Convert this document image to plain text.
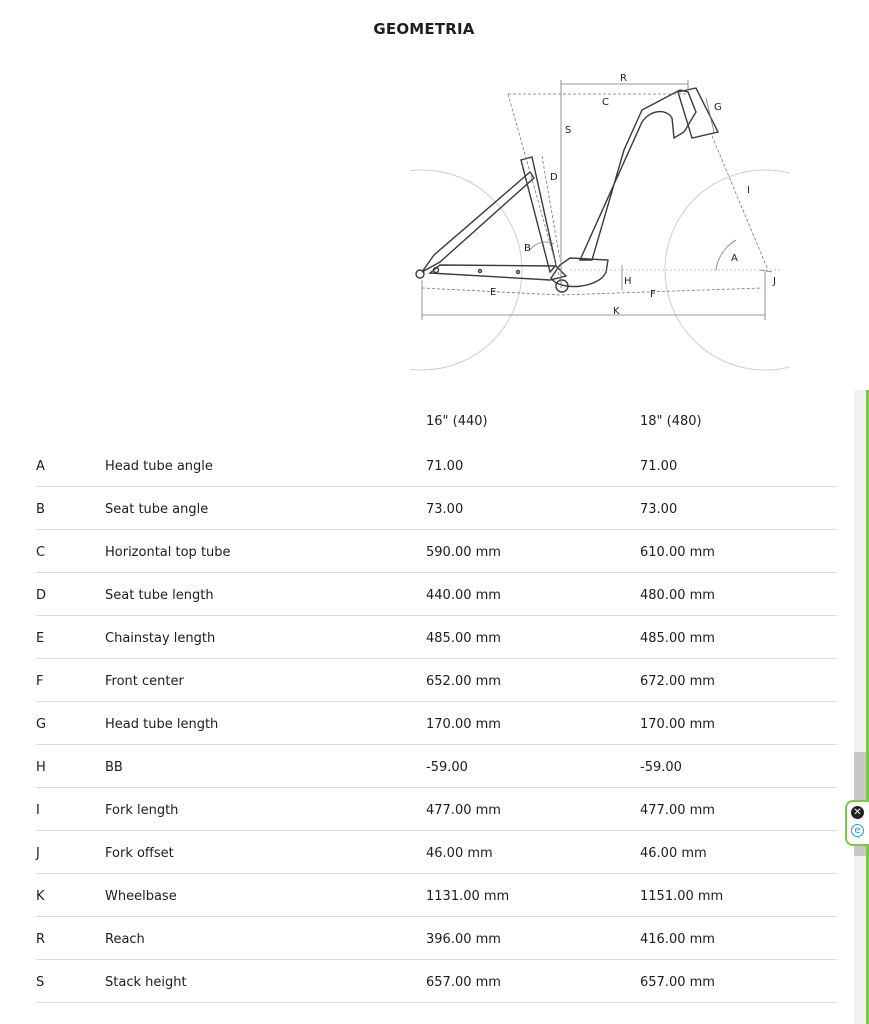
GEOMETRIA
R
C	G
S
D
I
B
A
J
H
E	F
K
16" (440)	18" (480)
A	Head tube angle	71.00	71.00
B	Seat tube angle	73.00	73.00
C	Horizontal top tube	590.00 mm	610.00 mm
D	Seat tube length	440.00 mm	480.00 mm
E	Chainstay length	485.00 mm	485.00 mm
F	Front center	652.00 mm	672.00 mm
G	Head tube length	170.00 mm	170.00 mm
H	BB	-59.00	-59.00
I	Fork length	477.00 mm	477.00 mm
J	Fork offset	46.00 mm	46.00 mm
K	Wheelbase	1131.00 mm	1151.00 mm
R	Reach	396.00 mm	416.00 mm
S	Stack height	657.00 mm	657.00 mm
✕
e
